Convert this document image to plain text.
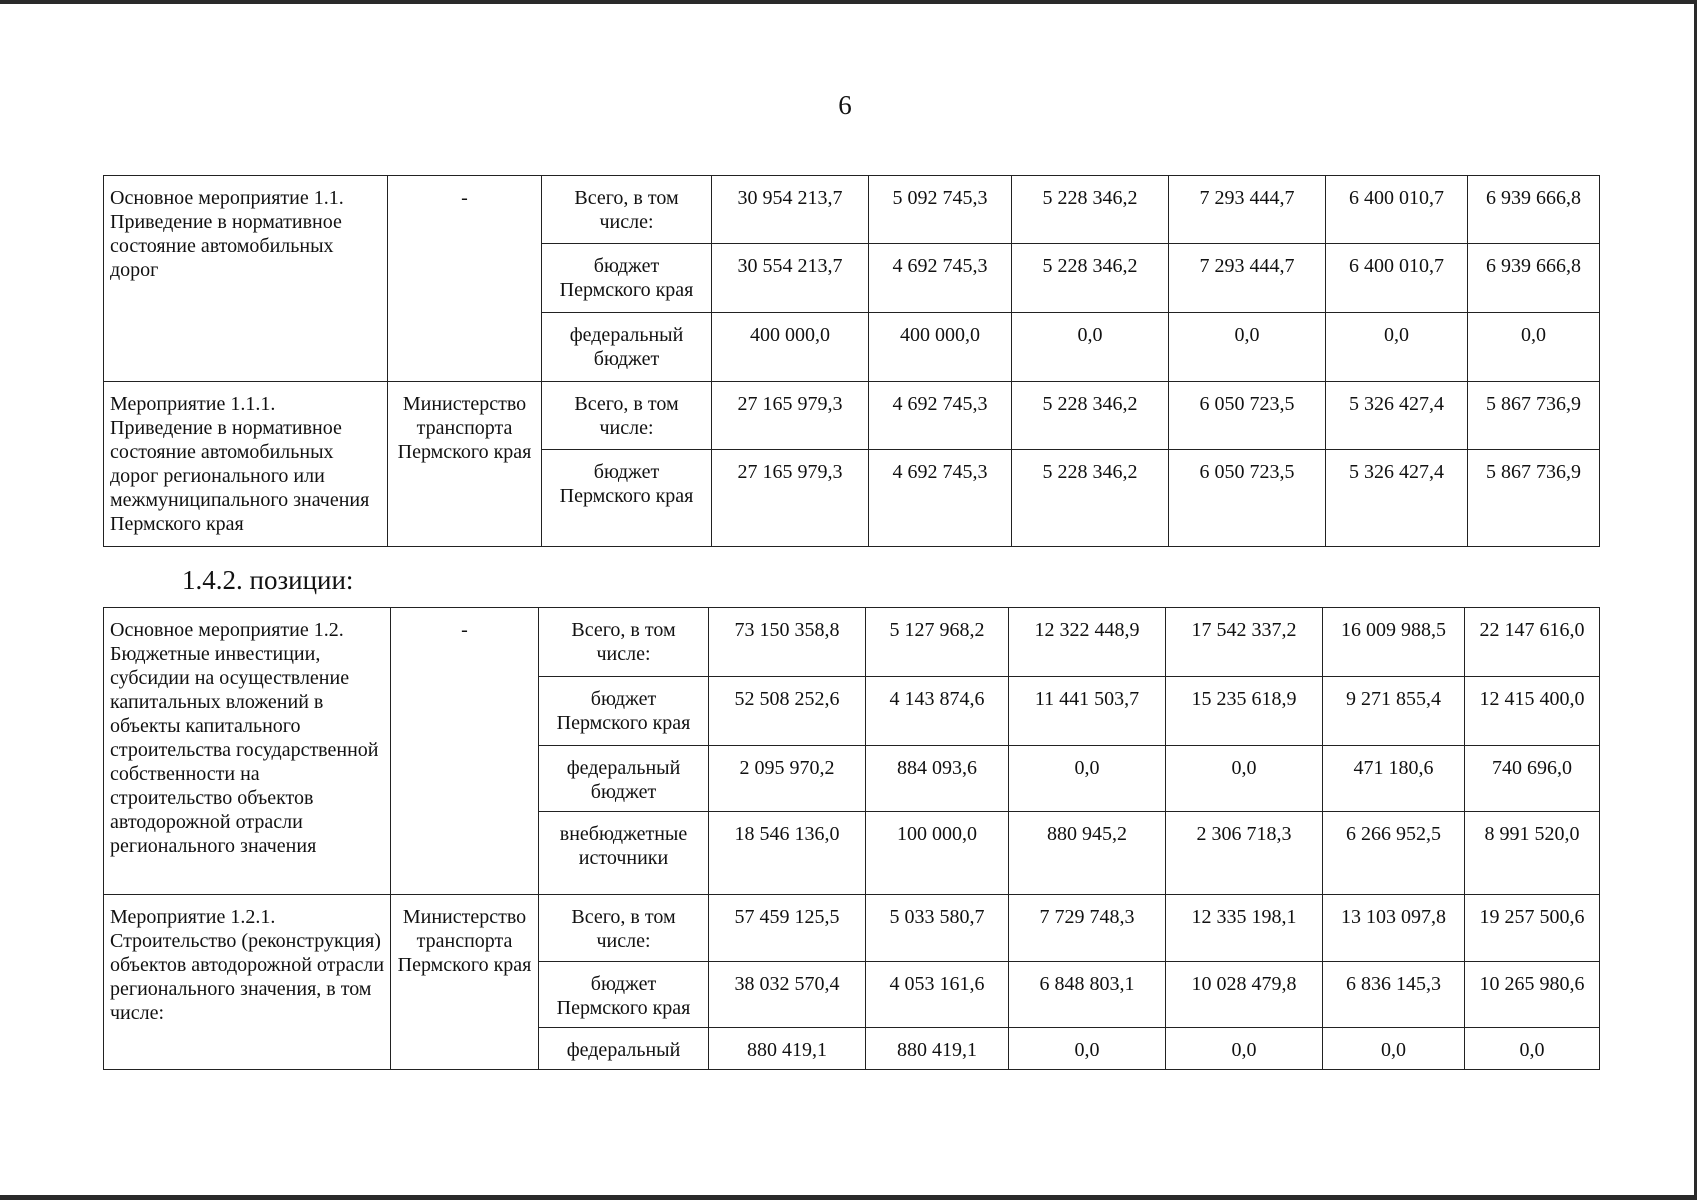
6
Основное мероприятие 1.1. Приведение в нормативное состояние автомобильных дорог	-	Всего, в том числе:	30 954 213,7	5 092 745,3	5 228 346,2	7 293 444,7	6 400 010,7	6 939 666,8
		бюджет Пермского края	30 554 213,7	4 692 745,3	5 228 346,2	7 293 444,7	6 400 010,7	6 939 666,8
		федеральный бюджет	400 000,0	400 000,0	0,0	0,0	0,0	0,0
Мероприятие 1.1.1. Приведение в нормативное состояние автомобильных дорог регионального или межмуниципального значения Пермского края	Министерство транспорта Пермского края	Всего, в том числе:	27 165 979,3	4 692 745,3	5 228 346,2	6 050 723,5	5 326 427,4	5 867 736,9
		бюджет Пермского края	27 165 979,3	4 692 745,3	5 228 346,2	6 050 723,5	5 326 427,4	5 867 736,9
1.4.2. позиции:
Основное мероприятие 1.2. Бюджетные инвестиции, субсидии на осуществление капитальных вложений в объекты капитального строительства государственной собственности на строительство объектов автодорожной отрасли регионального значения	-	Всего, в том числе:	73 150 358,8	5 127 968,2	12 322 448,9	17 542 337,2	16 009 988,5	22 147 616,0
		бюджет Пермского края	52 508 252,6	4 143 874,6	11 441 503,7	15 235 618,9	9 271 855,4	12 415 400,0
		федеральный бюджет	2 095 970,2	884 093,6	0,0	0,0	471 180,6	740 696,0
		внебюджетные источники	18 546 136,0	100 000,0	880 945,2	2 306 718,3	6 266 952,5	8 991 520,0
Мероприятие 1.2.1. Строительство (реконструкция) объектов автодорожной отрасли регионального значения, в том числе:	Министерство транспорта Пермского края	Всего, в том числе:	57 459 125,5	5 033 580,7	7 729 748,3	12 335 198,1	13 103 097,8	19 257 500,6
		бюджет Пермского края	38 032 570,4	4 053 161,6	6 848 803,1	10 028 479,8	6 836 145,3	10 265 980,6
		федеральный	880 419,1	880 419,1	0,0	0,0	0,0	0,0
